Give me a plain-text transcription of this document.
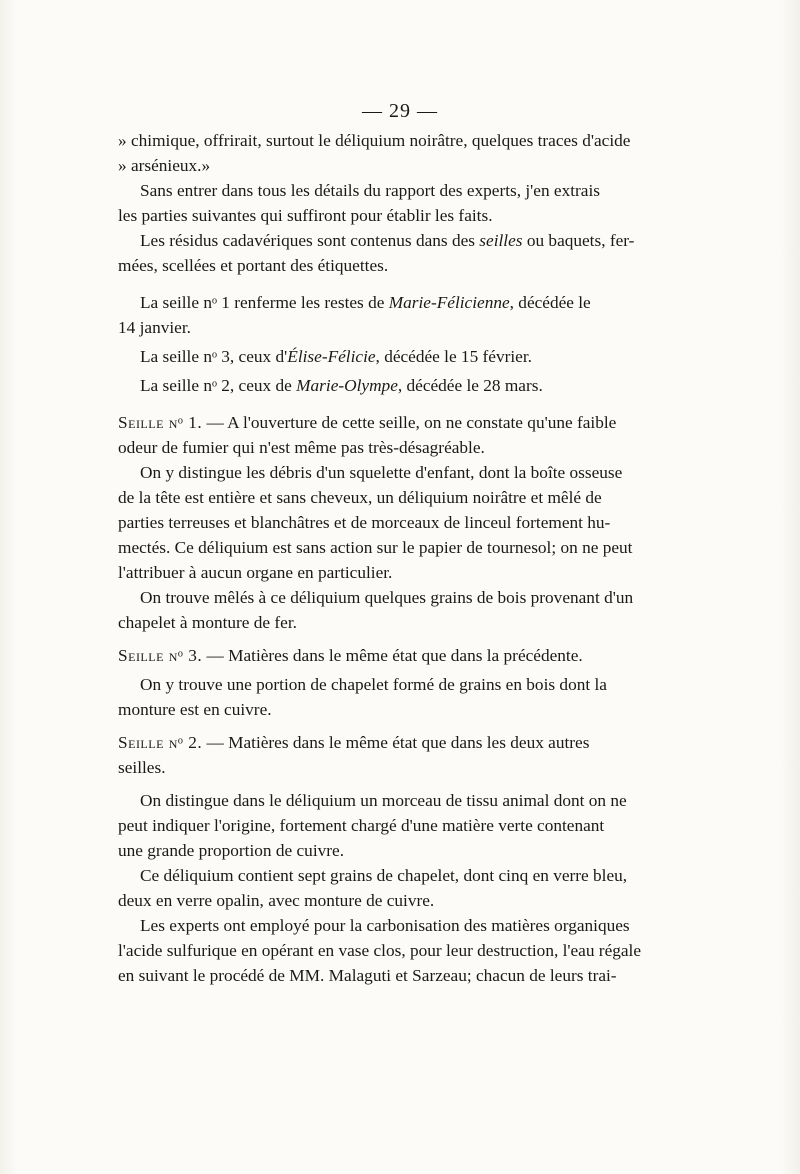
— 29 —

» chimique, offrirait, surtout le déliquium noirâtre, quelques traces d'acide
» arsénieux.»

Sans entrer dans tous les détails du rapport des experts, j'en extrais
les parties suivantes qui suffiront pour établir les faits.

Les résidus cadavériques sont contenus dans des seilles ou baquets, fer-
mées, scellées et portant des étiquettes.

La seille nᵒ 1 renferme les restes de Marie-Félicienne, décédée le
14 janvier.

La seille nᵒ 3, ceux d'Élise-Félicie, décédée le 15 février.

La seille nᵒ 2, ceux de Marie-Olympe, décédée le 28 mars.

Seille nᵒ 1. — A l'ouverture de cette seille, on ne constate qu'une faible
odeur de fumier qui n'est même pas très-désagréable.

On y distingue les débris d'un squelette d'enfant, dont la boîte osseuse
de la tête est entière et sans cheveux, un déliquium noirâtre et mêlé de
parties terreuses et blanchâtres et de morceaux de linceul fortement hu-
mectés. Ce déliquium est sans action sur le papier de tournesol; on ne peut
l'attribuer à aucun organe en particulier.

On trouve mêlés à ce déliquium quelques grains de bois provenant d'un
chapelet à monture de fer.

Seille nᵒ 3. — Matières dans le même état que dans la précédente.

On y trouve une portion de chapelet formé de grains en bois dont la
monture est en cuivre.

Seille nᵒ 2. — Matières dans le même état que dans les deux autres
seilles.

On distingue dans le déliquium un morceau de tissu animal dont on ne
peut indiquer l'origine, fortement chargé d'une matière verte contenant
une grande proportion de cuivre.

Ce déliquium contient sept grains de chapelet, dont cinq en verre bleu,
deux en verre opalin, avec monture de cuivre.

Les experts ont employé pour la carbonisation des matières organiques
l'acide sulfurique en opérant en vase clos, pour leur destruction, l'eau régale
en suivant le procédé de MM. Malaguti et Sarzeau; chacun de leurs trai-
